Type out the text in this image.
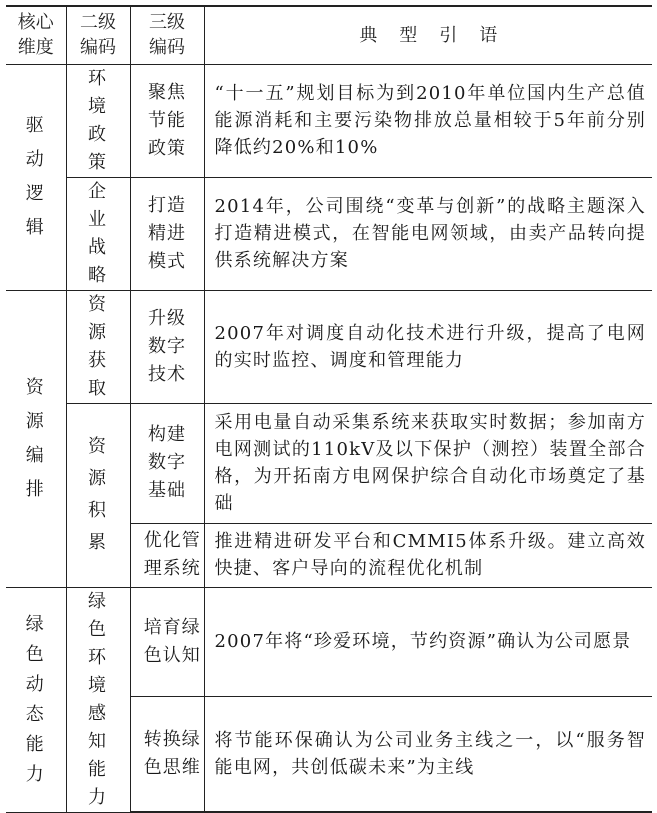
核心维度	二级编码	三级编码	典型引语
驱动逻辑	环境政策	聚焦节能政策	“十一五”规划目标为到2010年单位国内生产总值能源消耗和主要污染物排放总量相较于5年前分别降低约20%和10%
	企业战略	打造精进模式	2014年，公司围绕“变革与创新”的战略主题深入打造精进模式，在智能电网领域，由卖产品转向提供系统解决方案
资源编排	资源获取	升级数字技术	2007年对调度自动化技术进行升级，提高了电网的实时监控、调度和管理能力
	资源积累	构建数字基础	采用电量自动采集系统来获取实时数据；参加南方电网测试的110kV及以下保护（测控）装置全部合格，为开拓南方电网保护综合自动化市场奠定了基础
		优化管理系统	推进精进研发平台和CMMI5体系升级。建立高效快捷、客户导向的流程优化机制
绿色动态能力	绿色环境感知能力	培育绿色认知	2007年将“珍爱环境，节约资源”确认为公司愿景
		转换绿色思维	将节能环保确认为公司业务主线之一，以“服务智能电网，共创低碳未来”为主线
